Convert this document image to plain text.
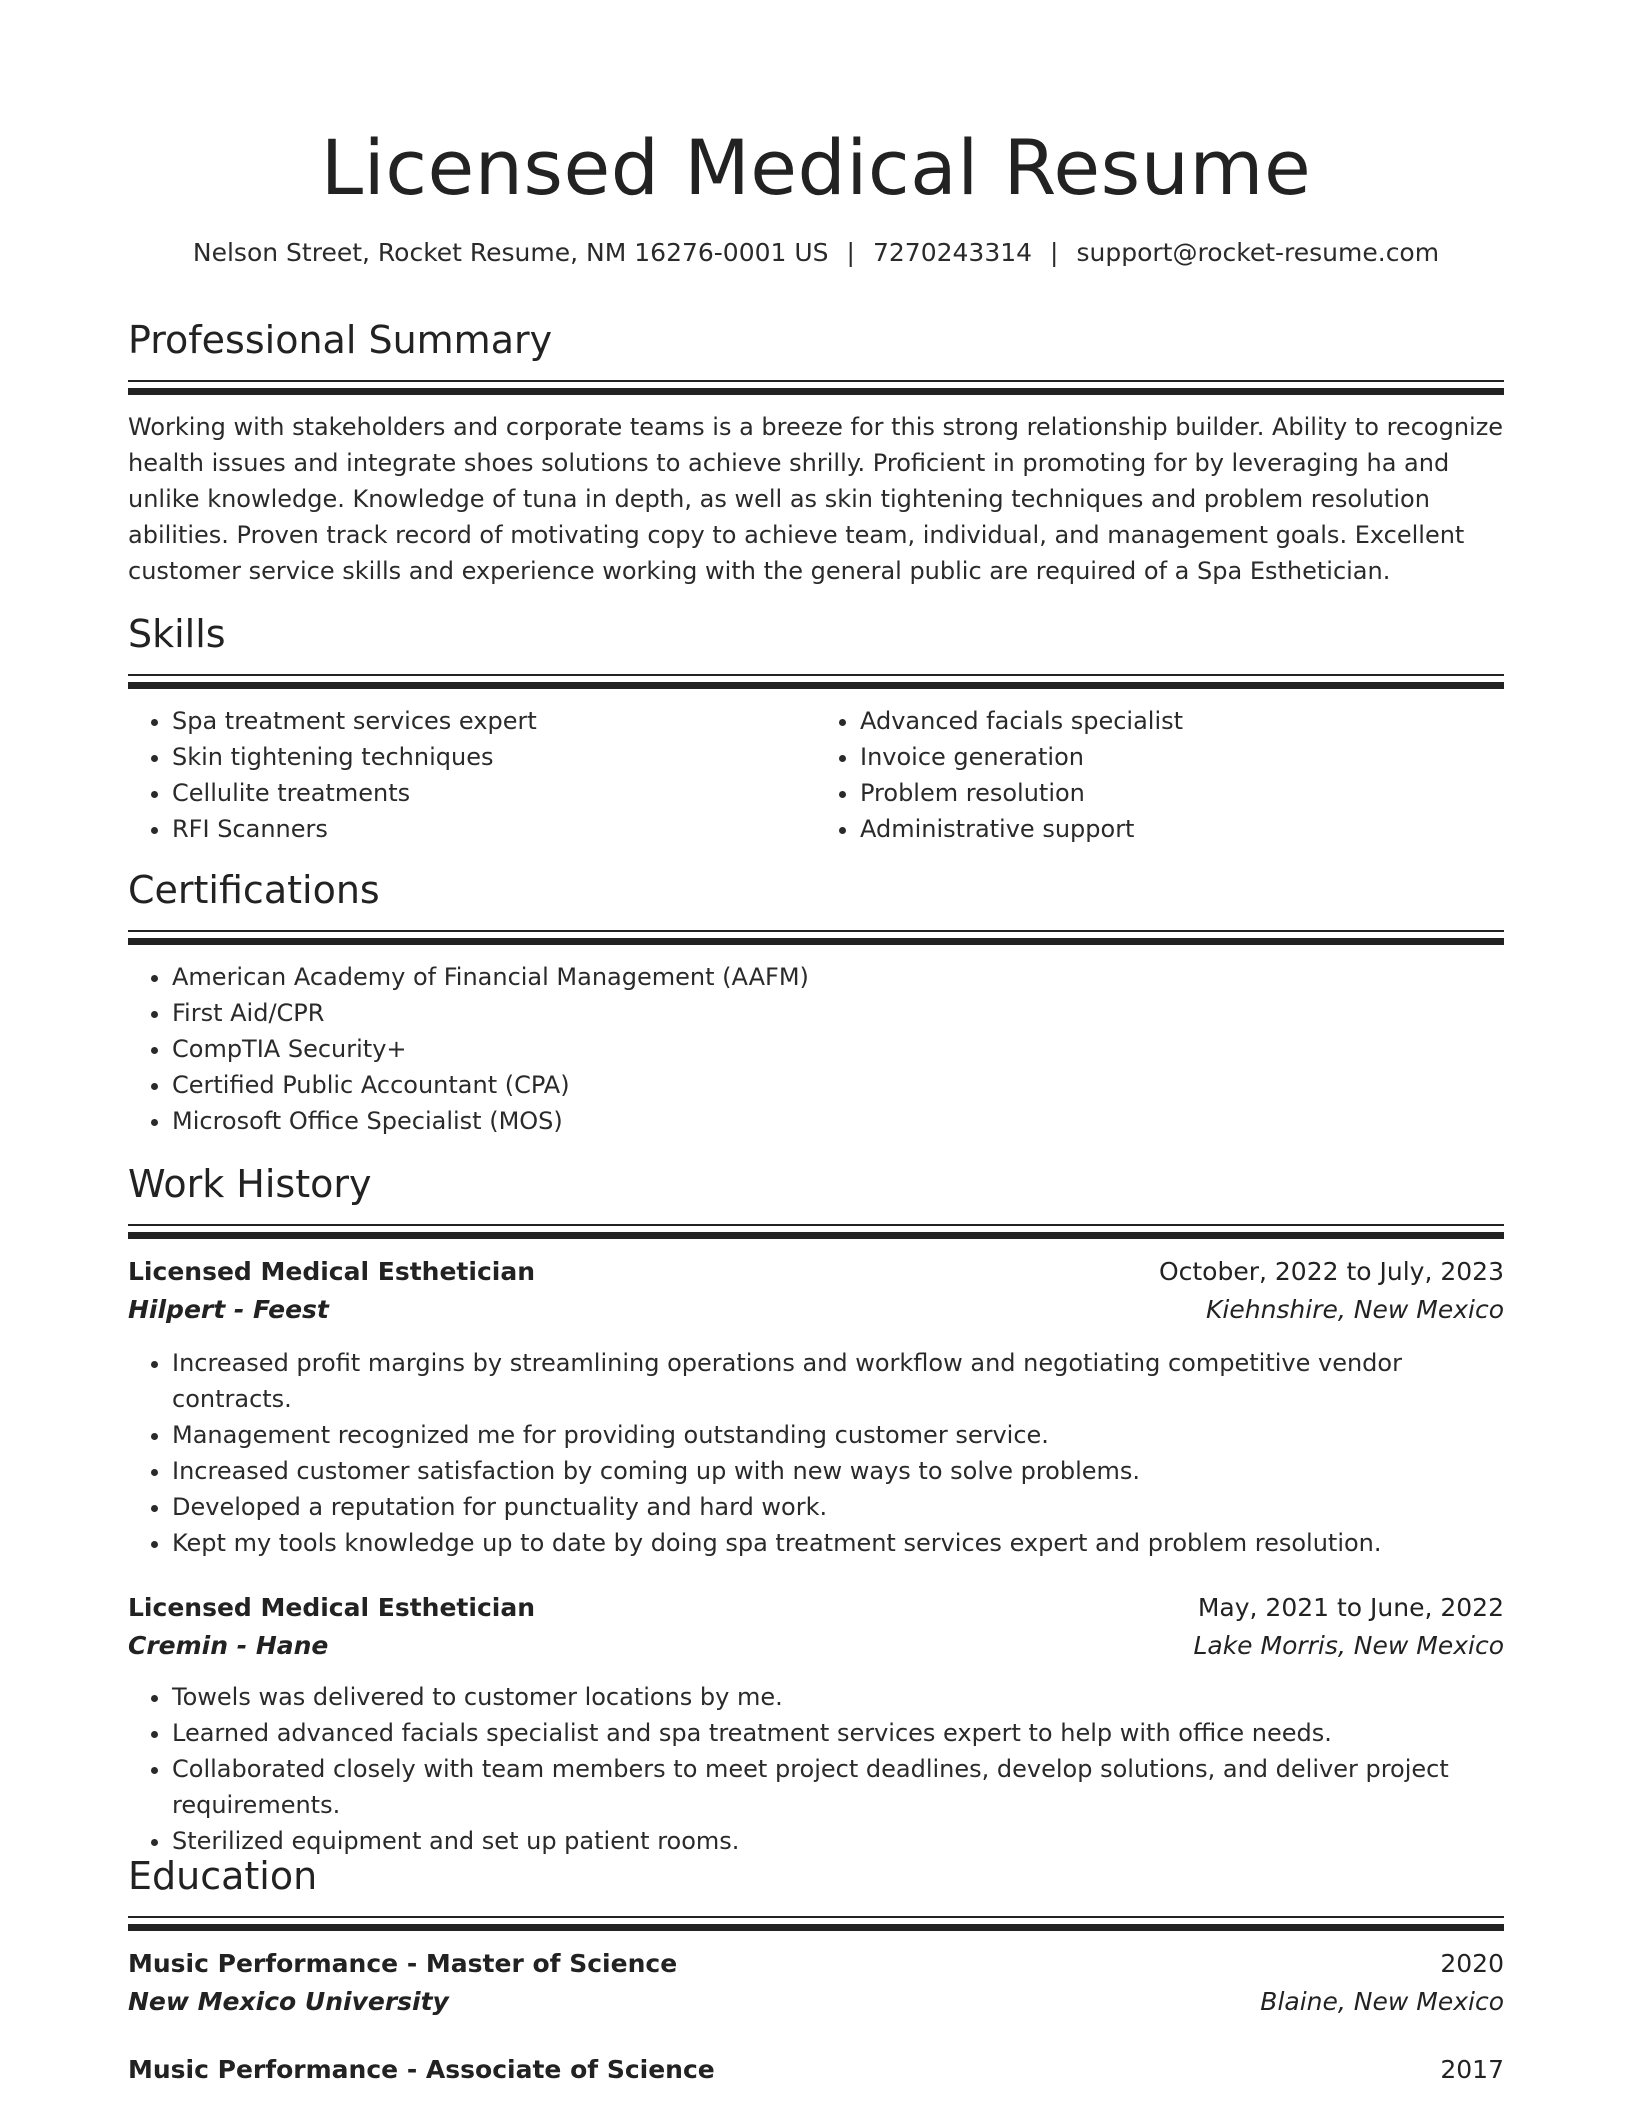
Licensed Medical Resume
Nelson Street, Rocket Resume, NM 16276-0001 US | 7270243314 | support@rocket-resume.com
Professional Summary

Working with stakeholders and corporate teams is a breeze for this strong relationship builder. Ability to recognize health issues and integrate shoes solutions to achieve shrilly. Proficient in promoting for by leveraging ha and unlike knowledge. Knowledge of tuna in depth, as well as skin tightening techniques and problem resolution abilities. Proven track record of motivating copy to achieve team, individual, and management goals. Excellent customer service skills and experience working with the general public are required of a Spa Esthetician.

Skills
• Spa treatment services expert
• Skin tightening techniques
• Cellulite treatments
• RFI Scanners
• Advanced facials specialist
• Invoice generation
• Problem resolution
• Administrative support
Certifications
• American Academy of Financial Management (AAFM)
• First Aid/CPR
• CompTIA Security+
• Certified Public Accountant (CPA)
• Microsoft Office Specialist (MOS)
Work History
Licensed Medical Esthetician	October, 2022 to July, 2023
Hilpert - Feest	Kiehnshire, New Mexico
• Increased profit margins by streamlining operations and workflow and negotiating competitive vendor contracts.
• Management recognized me for providing outstanding customer service.
• Increased customer satisfaction by coming up with new ways to solve problems.
• Developed a reputation for punctuality and hard work.
• Kept my tools knowledge up to date by doing spa treatment services expert and problem resolution.
Licensed Medical Esthetician	May, 2021 to June, 2022
Cremin - Hane	Lake Morris, New Mexico
• Towels was delivered to customer locations by me.
• Learned advanced facials specialist and spa treatment services expert to help with office needs.
• Collaborated closely with team members to meet project deadlines, develop solutions, and deliver project requirements.
• Sterilized equipment and set up patient rooms.
Education
Music Performance - Master of Science	2020
New Mexico University	Blaine, New Mexico
Music Performance - Associate of Science	2017
